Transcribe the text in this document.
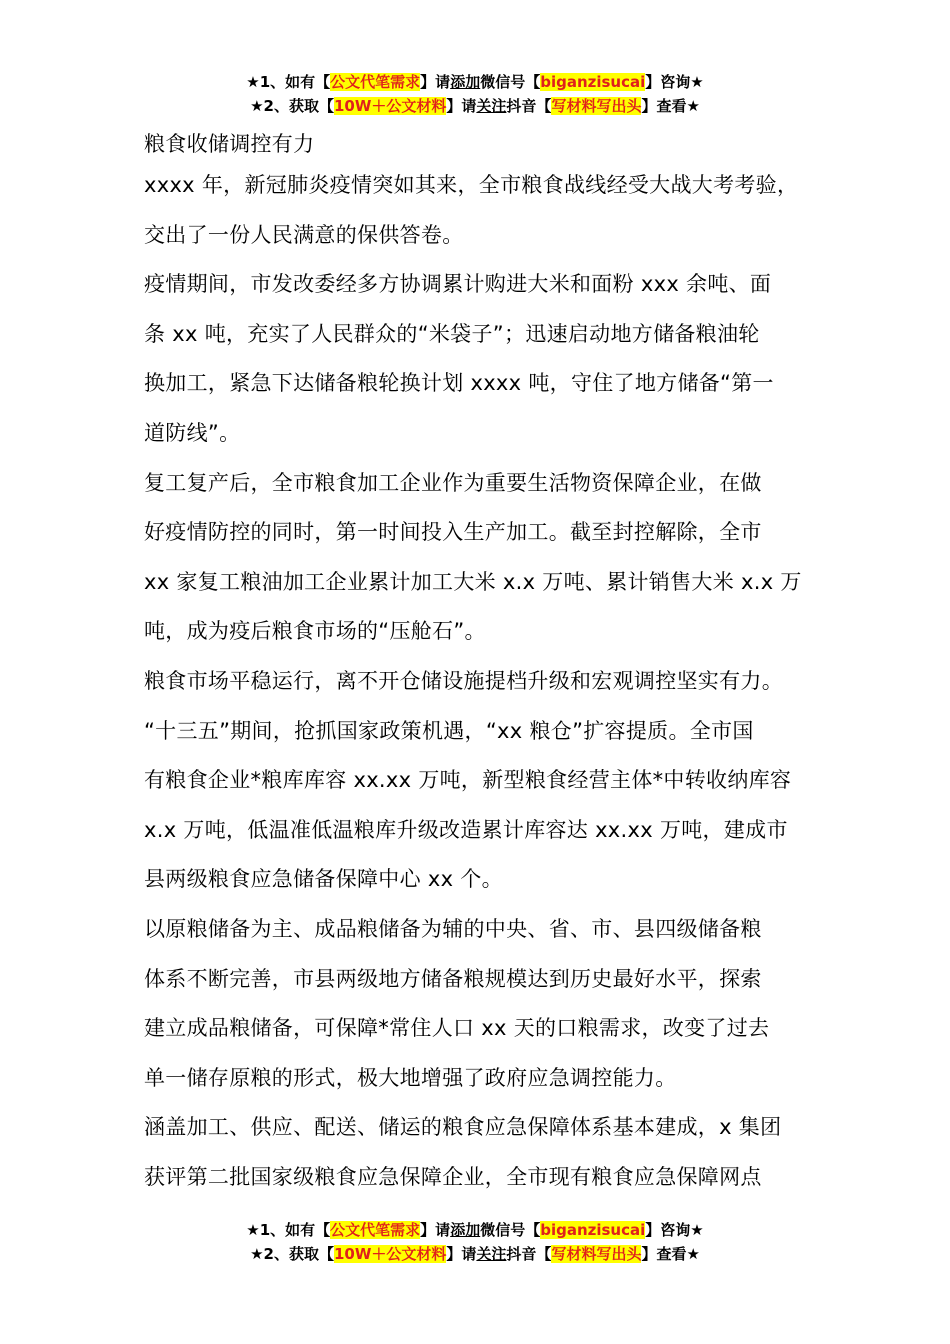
★1、如有【公文代笔需求】请添加微信号【biganzisucai】咨询★
★2、获取【10W＋公文材料】请关注抖音【写材料写出头】查看★
粮食收储调控有力
xxxx 年，新冠肺炎疫情突如其来，全市粮食战线经受大战大考考验，
交出了一份人民满意的保供答卷。
疫情期间，市发改委经多方协调累计购进大米和面粉 xxx 余吨、面
条 xx 吨，充实了人民群众的“米袋子”；迅速启动地方储备粮油轮
换加工，紧急下达储备粮轮换计划 xxxx 吨，守住了地方储备“第一
道防线”。
复工复产后，全市粮食加工企业作为重要生活物资保障企业，在做
好疫情防控的同时，第一时间投入生产加工。截至封控解除，全市
xx 家复工粮油加工企业累计加工大米 x.x 万吨、累计销售大米 x.x 万
吨，成为疫后粮食市场的“压舱石”。
粮食市场平稳运行，离不开仓储设施提档升级和宏观调控坚实有力。
“十三五”期间，抢抓国家政策机遇，“xx 粮仓”扩容提质。全市国
有粮食企业*粮库库容 xx.xx 万吨，新型粮食经营主体*中转收纳库容
x.x 万吨，低温准低温粮库升级改造累计库容达 xx.xx 万吨，建成市
县两级粮食应急储备保障中心 xx 个。
以原粮储备为主、成品粮储备为辅的中央、省、市、县四级储备粮
体系不断完善，市县两级地方储备粮规模达到历史最好水平，探索
建立成品粮储备，可保障*常住人口 xx 天的口粮需求，改变了过去
单一储存原粮的形式，极大地增强了政府应急调控能力。
涵盖加工、供应、配送、储运的粮食应急保障体系基本建成，x 集团
获评第二批国家级粮食应急保障企业，全市现有粮食应急保障网点
★1、如有【公文代笔需求】请添加微信号【biganzisucai】咨询★
★2、获取【10W＋公文材料】请关注抖音【写材料写出头】查看★
